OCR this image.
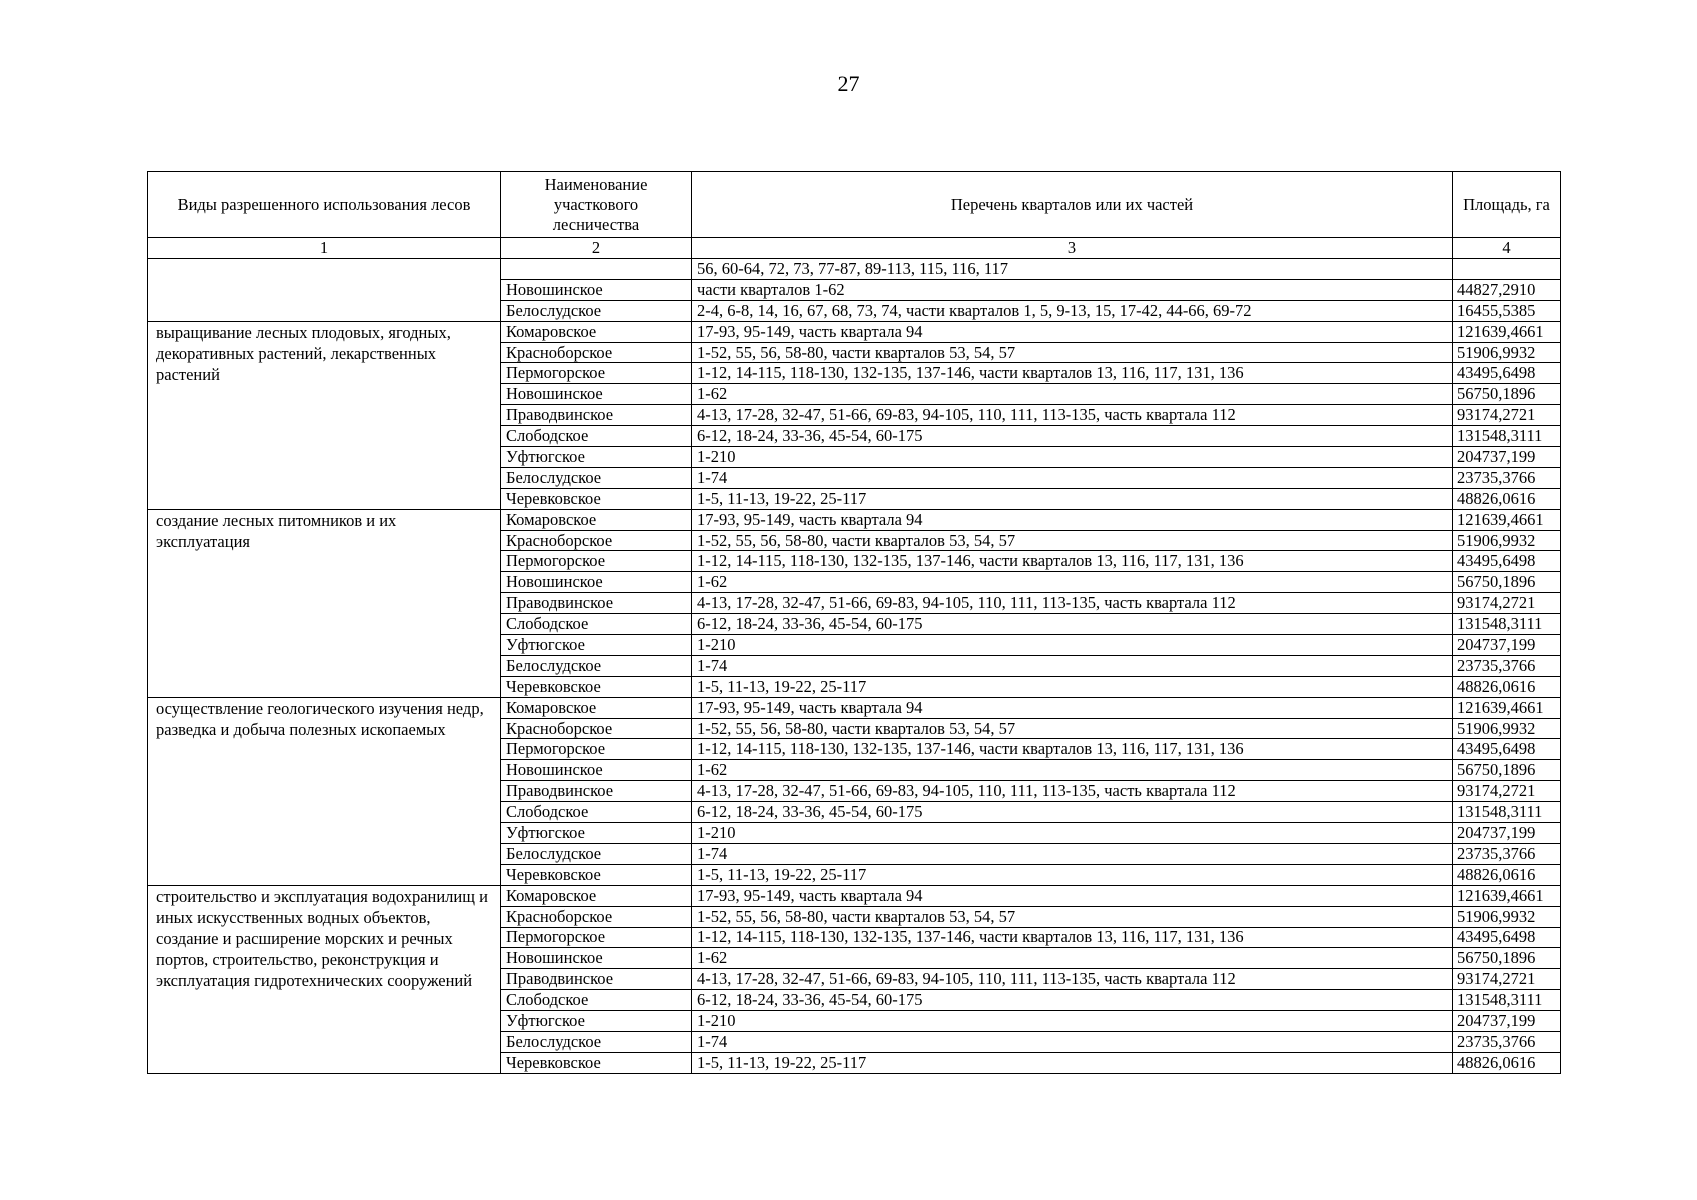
27
Виды разрешенного использования лесов	Наименование участкового лесничества	Перечень кварталов или их частей	Площадь, га
1	2	3	4
		56, 60-64, 72, 73, 77-87, 89-113, 115, 116, 117	
	Новошинское	части кварталов 1-62	44827,2910
	Белослудское	2-4, 6-8, 14, 16, 67, 68, 73, 74, части кварталов 1, 5, 9-13, 15, 17-42, 44-66, 69-72	16455,5385
выращивание лесных плодовых, ягодных, декоративных растений, лекарственных растений	Комаровское	17-93, 95-149, часть квартала 94	121639,4661
	Красноборское	1-52, 55, 56, 58-80, части кварталов 53, 54, 57	51906,9932
	Пермогорское	1-12, 14-115, 118-130, 132-135, 137-146, части кварталов 13, 116, 117, 131, 136	43495,6498
	Новошинское	1-62	56750,1896
	Праводвинское	4-13, 17-28, 32-47, 51-66, 69-83, 94-105, 110, 111, 113-135, часть квартала 112	93174,2721
	Слободское	6-12, 18-24, 33-36, 45-54, 60-175	131548,3111
	Уфтюгское	1-210	204737,199
	Белослудское	1-74	23735,3766
	Черевковское	1-5, 11-13, 19-22, 25-117	48826,0616
создание лесных питомников и их эксплуатация	Комаровское	17-93, 95-149, часть квартала 94	121639,4661
	Красноборское	1-52, 55, 56, 58-80, части кварталов 53, 54, 57	51906,9932
	Пермогорское	1-12, 14-115, 118-130, 132-135, 137-146, части кварталов 13, 116, 117, 131, 136	43495,6498
	Новошинское	1-62	56750,1896
	Праводвинское	4-13, 17-28, 32-47, 51-66, 69-83, 94-105, 110, 111, 113-135, часть квартала 112	93174,2721
	Слободское	6-12, 18-24, 33-36, 45-54, 60-175	131548,3111
	Уфтюгское	1-210	204737,199
	Белослудское	1-74	23735,3766
	Черевковское	1-5, 11-13, 19-22, 25-117	48826,0616
осуществление геологического изучения недр, разведка и добыча полезных ископаемых	Комаровское	17-93, 95-149, часть квартала 94	121639,4661
	Красноборское	1-52, 55, 56, 58-80, части кварталов 53, 54, 57	51906,9932
	Пермогорское	1-12, 14-115, 118-130, 132-135, 137-146, части кварталов 13, 116, 117, 131, 136	43495,6498
	Новошинское	1-62	56750,1896
	Праводвинское	4-13, 17-28, 32-47, 51-66, 69-83, 94-105, 110, 111, 113-135, часть квартала 112	93174,2721
	Слободское	6-12, 18-24, 33-36, 45-54, 60-175	131548,3111
	Уфтюгское	1-210	204737,199
	Белослудское	1-74	23735,3766
	Черевковское	1-5, 11-13, 19-22, 25-117	48826,0616
строительство и эксплуатация водохранилищ и иных искусственных водных объектов, создание и расширение морских и речных портов, строительство, реконструкция и эксплуатация гидротехнических сооружений	Комаровское	17-93, 95-149, часть квартала 94	121639,4661
	Красноборское	1-52, 55, 56, 58-80, части кварталов 53, 54, 57	51906,9932
	Пермогорское	1-12, 14-115, 118-130, 132-135, 137-146, части кварталов 13, 116, 117, 131, 136	43495,6498
	Новошинское	1-62	56750,1896
	Праводвинское	4-13, 17-28, 32-47, 51-66, 69-83, 94-105, 110, 111, 113-135, часть квартала 112	93174,2721
	Слободское	6-12, 18-24, 33-36, 45-54, 60-175	131548,3111
	Уфтюгское	1-210	204737,199
	Белослудское	1-74	23735,3766
	Черевковское	1-5, 11-13, 19-22, 25-117	48826,0616
